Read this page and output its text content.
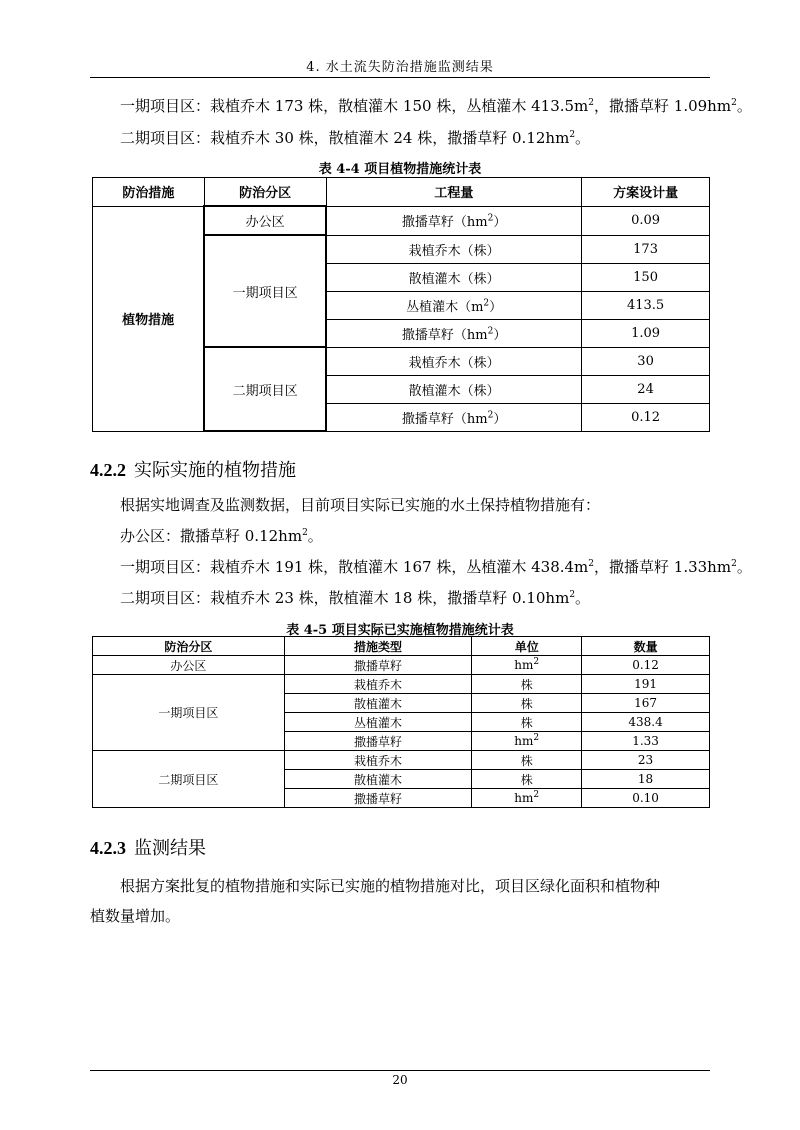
4. 水土流失防治措施监测结果
一期项目区：栽植乔木 173 株，散植灌木 150 株，丛植灌木 $413.5m^2$，撒播草籽 $1.09hm^2$。
二期项目区：栽植乔木 30 株，散植灌木 24 株，撒播草籽 $0.12hm^2$。
表 4-4 项目植物措施统计表
防治措施	防治分区	工程量	方案设计量
植物措施	办公区	撒播草籽$(hm^2)$	0.09
	一期项目区	栽植乔木（株）	173
		散植灌木（株）	150
		丛植灌木$(m^2)$	413.5
		撒播草籽$(hm^2)$	1.09
	二期项目区	栽植乔木（株）	30
		散植灌木（株）	24
		撒播草籽$(hm^2)$	0.12
4.2.2 实际实施的植物措施
根据实地调查及监测数据，目前项目实际已实施的水土保持植物措施有：
办公区：撒播草籽 $0.12hm^2$。
一期项目区：栽植乔木 191 株，散植灌木 167 株，丛植灌木 $438.4m^2$，撒播草籽 $1.33hm^2$。
二期项目区：栽植乔木 23 株，散植灌木 18 株，撒播草籽 $0.10hm^2$。
表 4-5 项目实际已实施植物措施统计表
防治分区	措施类型	单位	数量
办公区	撒播草籽	$hm^2$	0.12
一期项目区	栽植乔木	株	191
	散植灌木	株	167
	丛植灌木	株	438.4
	撒播草籽	$hm^2$	1.33
二期项目区	栽植乔木	株	23
	散植灌木	株	18
	撒播草籽	$hm^2$	0.10
4.2.3 监测结果
根据方案批复的植物措施和实际已实施的植物措施对比，项目区绿化面积和植物种
植数量增加。
20
